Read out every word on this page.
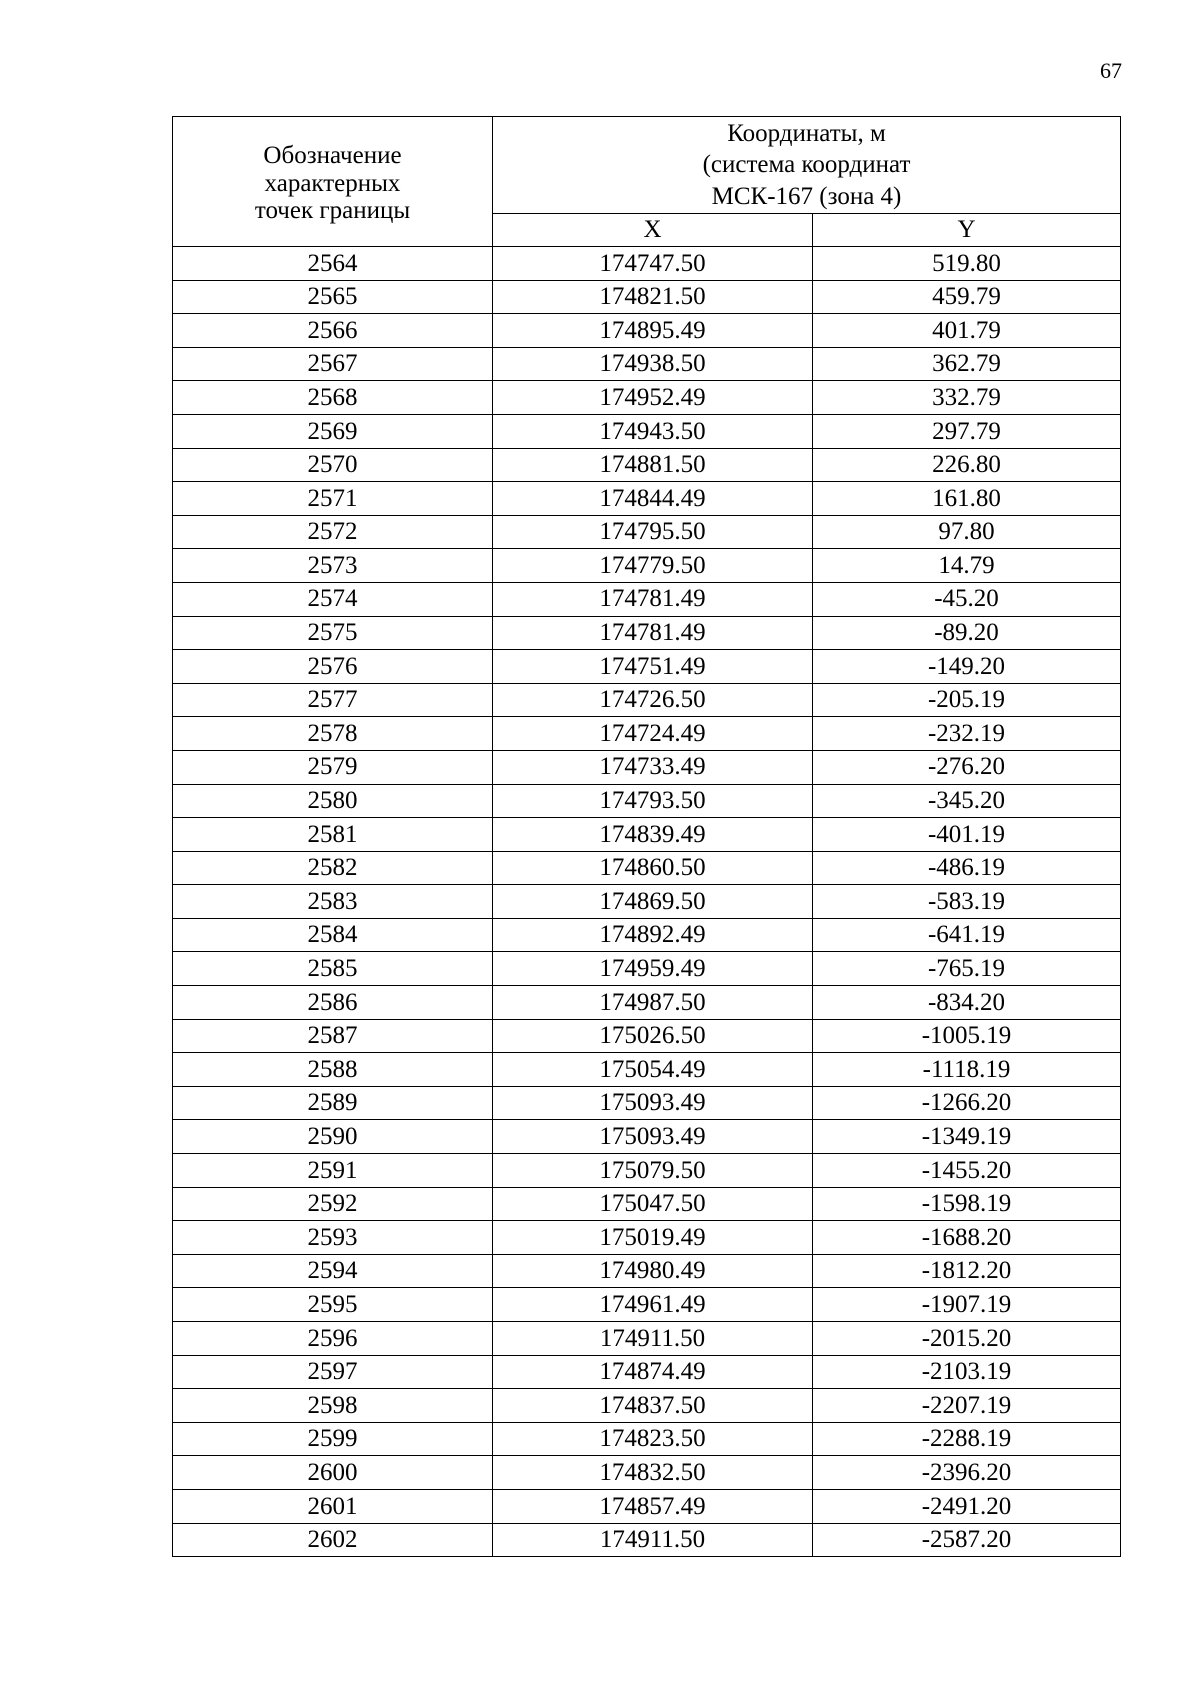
67
Обозначение
характерных
точек границы	Координаты, м
(система координат
МСК-167 (зона 4)	
	X	Y
2564	174747.50	519.80
2565	174821.50	459.79
2566	174895.49	401.79
2567	174938.50	362.79
2568	174952.49	332.79
2569	174943.50	297.79
2570	174881.50	226.80
2571	174844.49	161.80
2572	174795.50	97.80
2573	174779.50	14.79
2574	174781.49	-45.20
2575	174781.49	-89.20
2576	174751.49	-149.20
2577	174726.50	-205.19
2578	174724.49	-232.19
2579	174733.49	-276.20
2580	174793.50	-345.20
2581	174839.49	-401.19
2582	174860.50	-486.19
2583	174869.50	-583.19
2584	174892.49	-641.19
2585	174959.49	-765.19
2586	174987.50	-834.20
2587	175026.50	-1005.19
2588	175054.49	-1118.19
2589	175093.49	-1266.20
2590	175093.49	-1349.19
2591	175079.50	-1455.20
2592	175047.50	-1598.19
2593	175019.49	-1688.20
2594	174980.49	-1812.20
2595	174961.49	-1907.19
2596	174911.50	-2015.20
2597	174874.49	-2103.19
2598	174837.50	-2207.19
2599	174823.50	-2288.19
2600	174832.50	-2396.20
2601	174857.49	-2491.20
2602	174911.50	-2587.20
